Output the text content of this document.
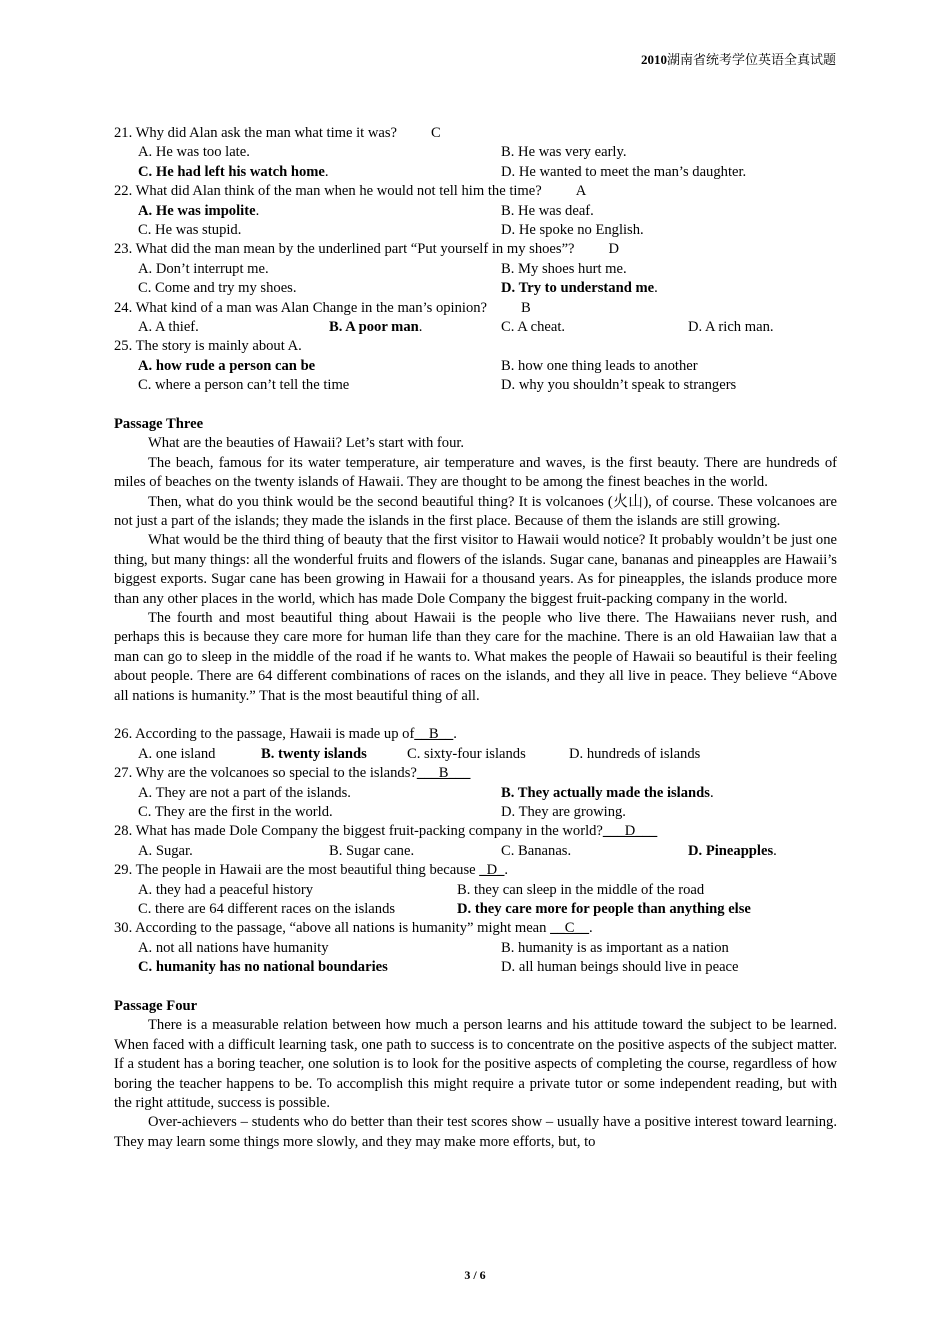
2010湖南省统考学位英语全真试题
21. Why did Alan ask the man what time it was? C
A. He was too late.	B. He was very early.
C. He had left his watch home.	D. He wanted to meet the man’s daughter.
22. What did Alan think of the man when he would not tell him the time? A
A. He was impolite.	B. He was deaf.
C. He was stupid.	D. He spoke no English.
23. What did the man mean by the underlined part “Put yourself in my shoes”? D
A. Don’t interrupt me.	B. My shoes hurt me.
C. Come and try my shoes.	D. Try to understand me.
24. What kind of a man was Alan Change in the man’s opinion? B
A. A thief.	B. A poor man.	C. A cheat.	D. A rich man.
25. The story is mainly about A.
A. how rude a person can be	B. how one thing leads to another
C. where a person can’t tell the time	D. why you shouldn’t speak to strangers
Passage Three

What are the beauties of Hawaii? Let’s start with four.

The beach, famous for its water temperature, air temperature and waves, is the first beauty. There are hundreds of miles of beaches on the twenty islands of Hawaii. They are thought to be among the finest beaches in the world.

Then, what do you think would be the second beautiful thing? It is volcanoes (火山), of course. These volcanoes are not just a part of the islands; they made the islands in the first place. Because of them the islands are still growing.

What would be the third thing of beauty that the first visitor to Hawaii would notice? It probably wouldn’t be just one thing, but many things: all the wonderful fruits and flowers of the islands. Sugar cane, bananas and pineapples are Hawaii’s biggest exports. Sugar cane has been growing in Hawaii for a thousand years. As for pineapples, the islands produce more than any other places in the world, which has made Dole Company the biggest fruit-packing company in the world.

The fourth and most beautiful thing about Hawaii is the people who live there. The Hawaiians never rush, and perhaps this is because they care more for human life than they care for the machine. There is an old Hawaiian law that a man can go to sleep in the middle of the road if he wants to. What makes the people of Hawaii so beautiful is their feeling about people. There are 64 different combinations of races on the islands, and they all live in peace. They believe “Above all nations is humanity.” That is the most beautiful thing of all.

26. According to the passage, Hawaii is made up of__B__.
A. one island	B. twenty islands	C. sixty-four islands	D. hundreds of islands
27. Why are the volcanoes so special to the islands?___B___
A. They are not a part of the islands.	B. They actually made the islands.
C. They are the first in the world.	D. They are growing.
28. What has made Dole Company the biggest fruit-packing company in the world?___D___
A. Sugar.	B. Sugar cane.	C. Bananas.	D. Pineapples.
29. The people in Hawaii are the most beautiful thing because _D_.
A. they had a peaceful history	B. they can sleep in the middle of the road
C. there are 64 different races on the islands	D. they care more for people than anything else
30. According to the passage, “above all nations is humanity” might mean __C__.
A. not all nations have humanity	B. humanity is as important as a nation
C. humanity has no national boundaries	D. all human beings should live in peace
Passage Four

There is a measurable relation between how much a person learns and his attitude toward the subject to be learned. When faced with a difficult learning task, one path to success is to concentrate on the positive aspects of the subject matter. If a student has a boring teacher, one solution is to look for the positive aspects of completing the course, regardless of how boring the teacher happens to be. To accomplish this might require a private tutor or some independent reading, but with the right attitude, success is possible.

Over-achievers – students who do better than their test scores show – usually have a positive interest toward learning. They may learn some things more slowly, and they may make more efforts, but, to

3 / 6
